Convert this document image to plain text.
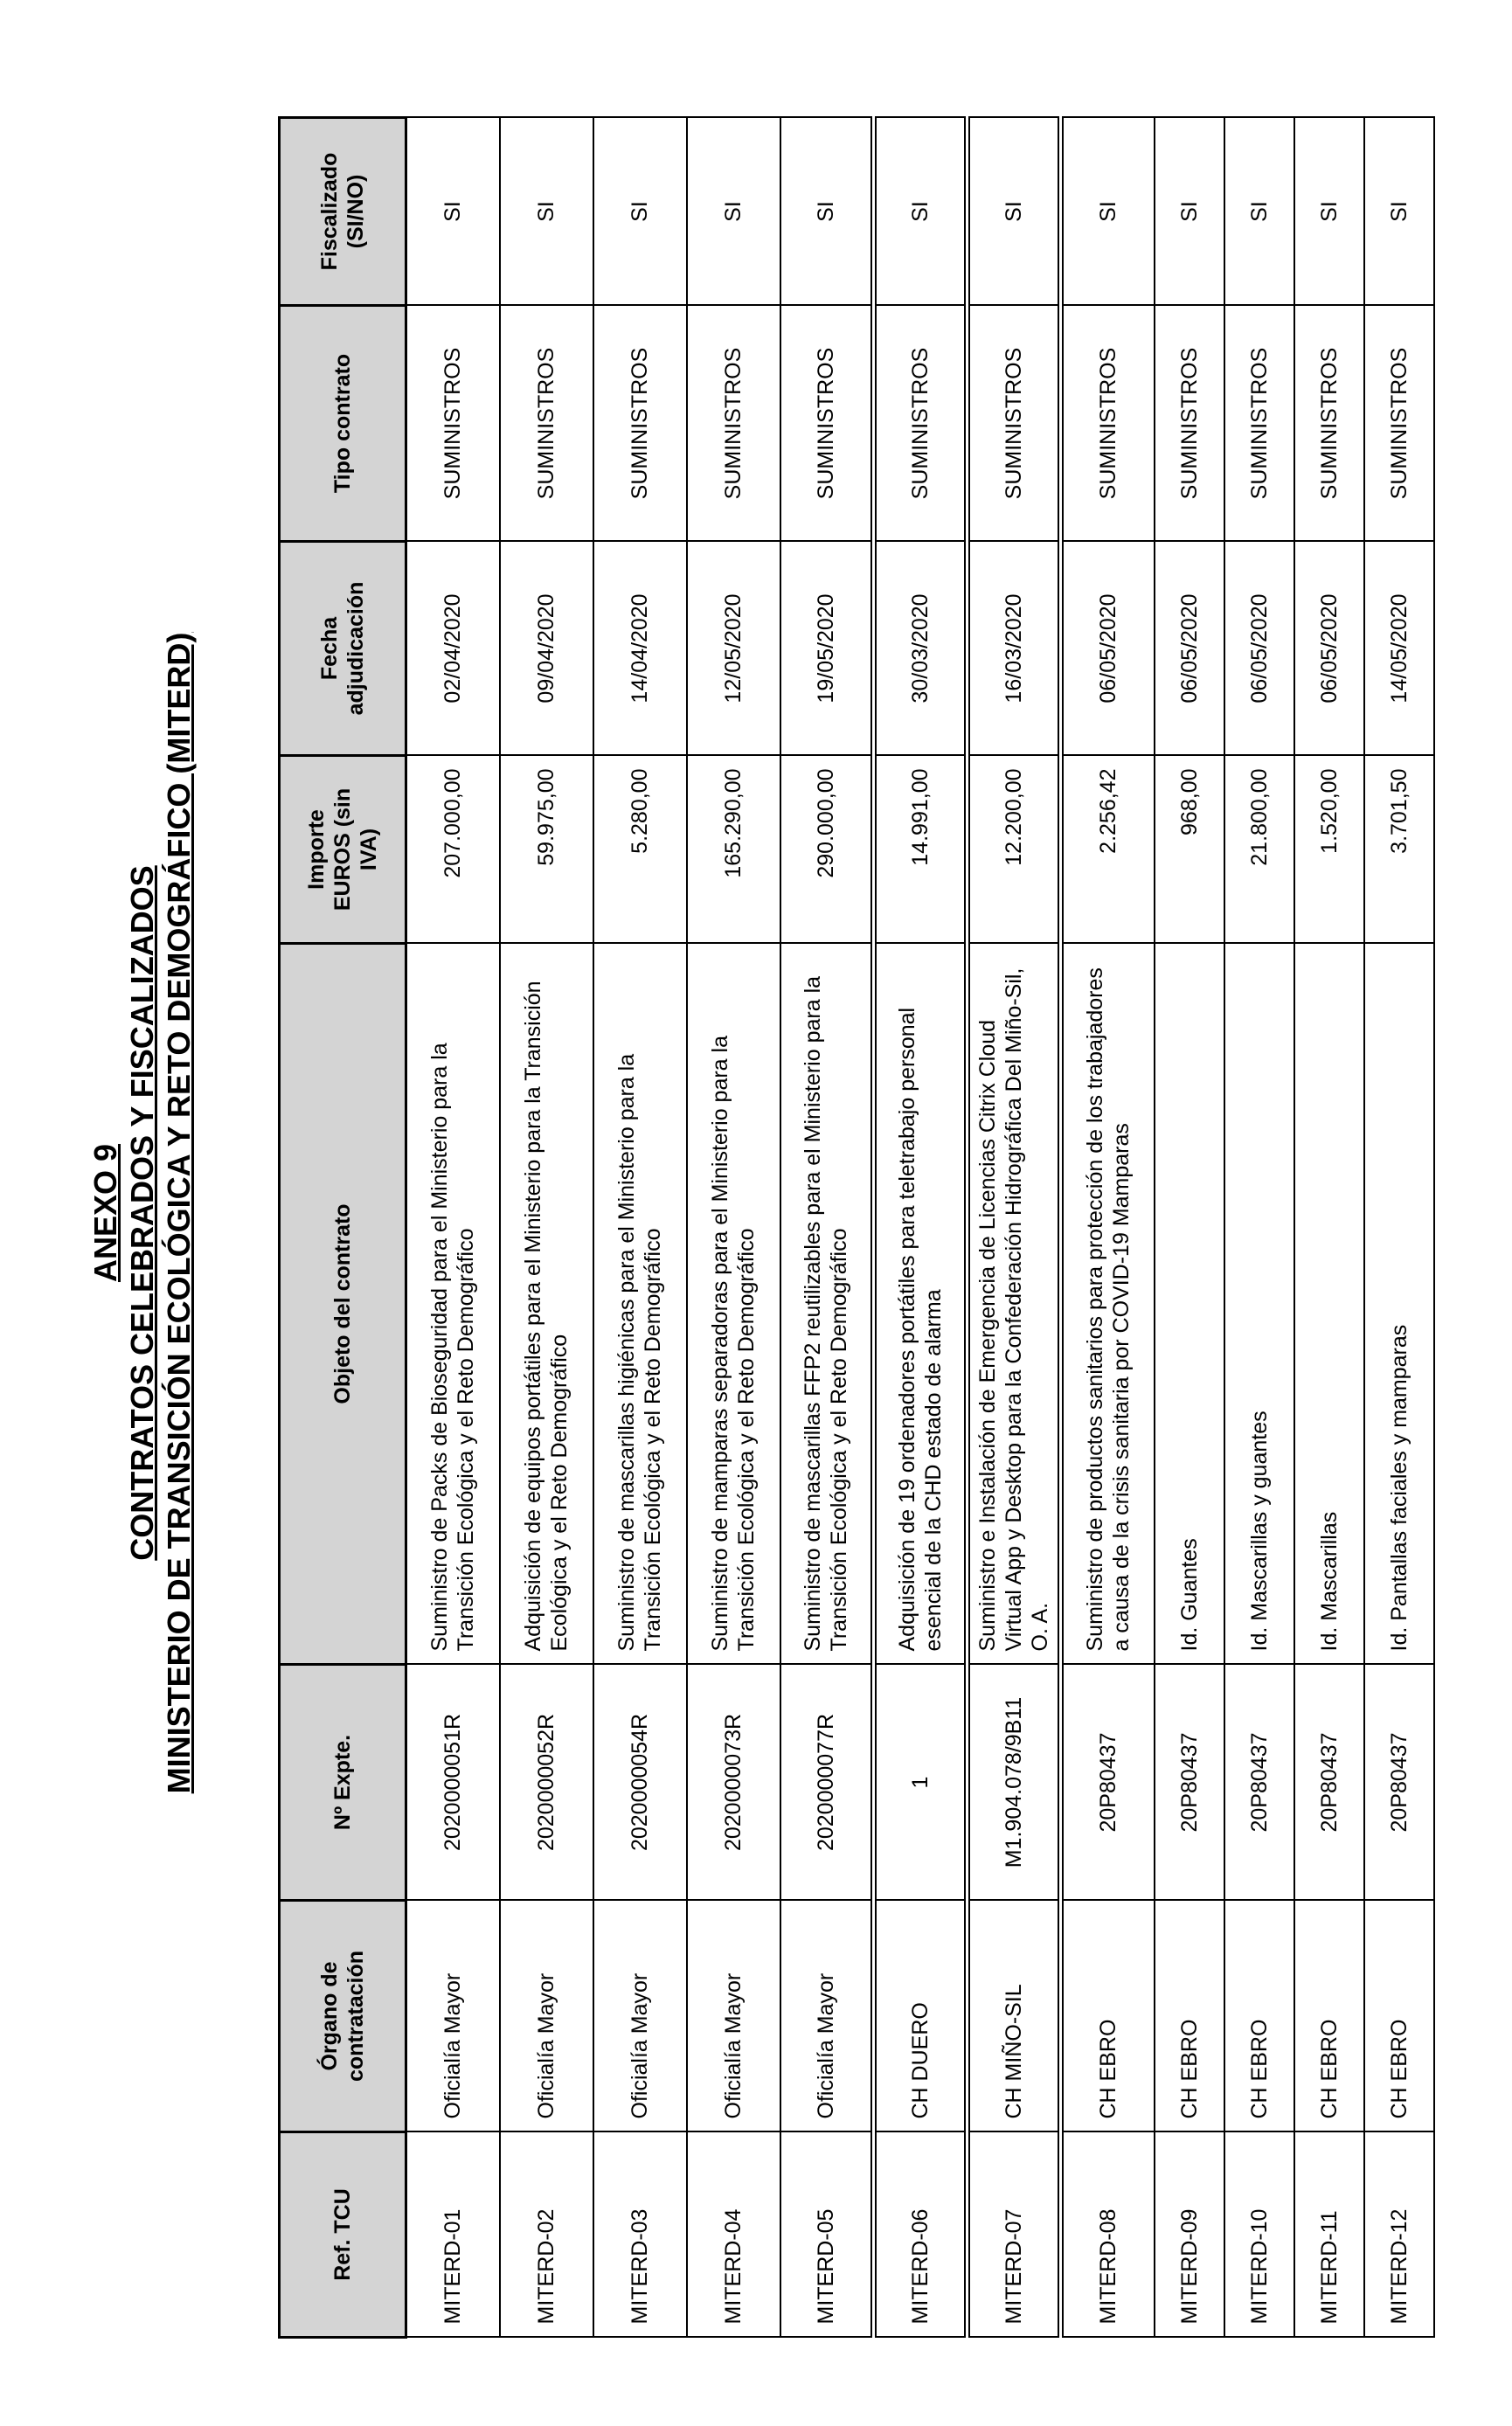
ANEXO 9 CONTRATOS CELEBRADOS Y FISCALIZADOS MINISTERIO DE TRANSICIÓN ECOLÓGICA Y RETO DEMOGRÁFICO (MITERD)

Ref. TCU	Órgano de contratación	Nº Expte.	Objeto del contrato	Importe EUROS (sin IVA)	Fecha adjudicación	Tipo contrato	Fiscalizado (SI/NO)
MITERD-01	Oficialía Mayor	2020000051R	Suministro de Packs de Bioseguridad para el Ministerio para la Transición Ecológica y el Reto Demográfico	207.000,00	02/04/2020	SUMINISTROS	SI
MITERD-02	Oficialía Mayor	2020000052R	Adquisición de equipos portátiles para el Ministerio para la Transición Ecológica y el Reto Demográfico	59.975,00	09/04/2020	SUMINISTROS	SI
MITERD-03	Oficialía Mayor	2020000054R	Suministro de mascarillas higiénicas para el Ministerio para la Transición Ecológica y el Reto Demográfico	5.280,00	14/04/2020	SUMINISTROS	SI
MITERD-04	Oficialía Mayor	2020000073R	Suministro de mamparas separadoras para el Ministerio para la Transición Ecológica y el Reto Demográfico	165.290,00	12/05/2020	SUMINISTROS	SI
MITERD-05	Oficialía Mayor	2020000077R	Suministro de mascarillas FFP2 reutilizables para el Ministerio para la Transición Ecológica y el Reto Demográfico	290.000,00	19/05/2020	SUMINISTROS	SI
MITERD-06	CH DUERO	1	Adquisición de 19 ordenadores portátiles para teletrabajo personal esencial de la CHD estado de alarma	14.991,00	30/03/2020	SUMINISTROS	SI
MITERD-07	CH MIÑO-SIL	M1.904.078/9B11	Suministro e Instalación de Emergencia de Licencias Citrix Cloud Virtual App y Desktop para la Confederación Hidrográfica Del Miño-Sil, O. A.	12.200,00	16/03/2020	SUMINISTROS	SI
MITERD-08	CH EBRO	20P80437	Suministro de productos sanitarios para protección de los trabajadores a causa de la crisis sanitaria por COVID-19 Mamparas	2.256,42	06/05/2020	SUMINISTROS	SI
MITERD-09	CH EBRO	20P80437	Id. Guantes	968,00	06/05/2020	SUMINISTROS	SI
MITERD-10	CH EBRO	20P80437	Id. Mascarillas y guantes	21.800,00	06/05/2020	SUMINISTROS	SI
MITERD-11	CH EBRO	20P80437	Id. Mascarillas	1.520,00	06/05/2020	SUMINISTROS	SI
MITERD-12	CH EBRO	20P80437	Id. Pantallas faciales y mamparas	3.701,50	14/05/2020	SUMINISTROS	SI
